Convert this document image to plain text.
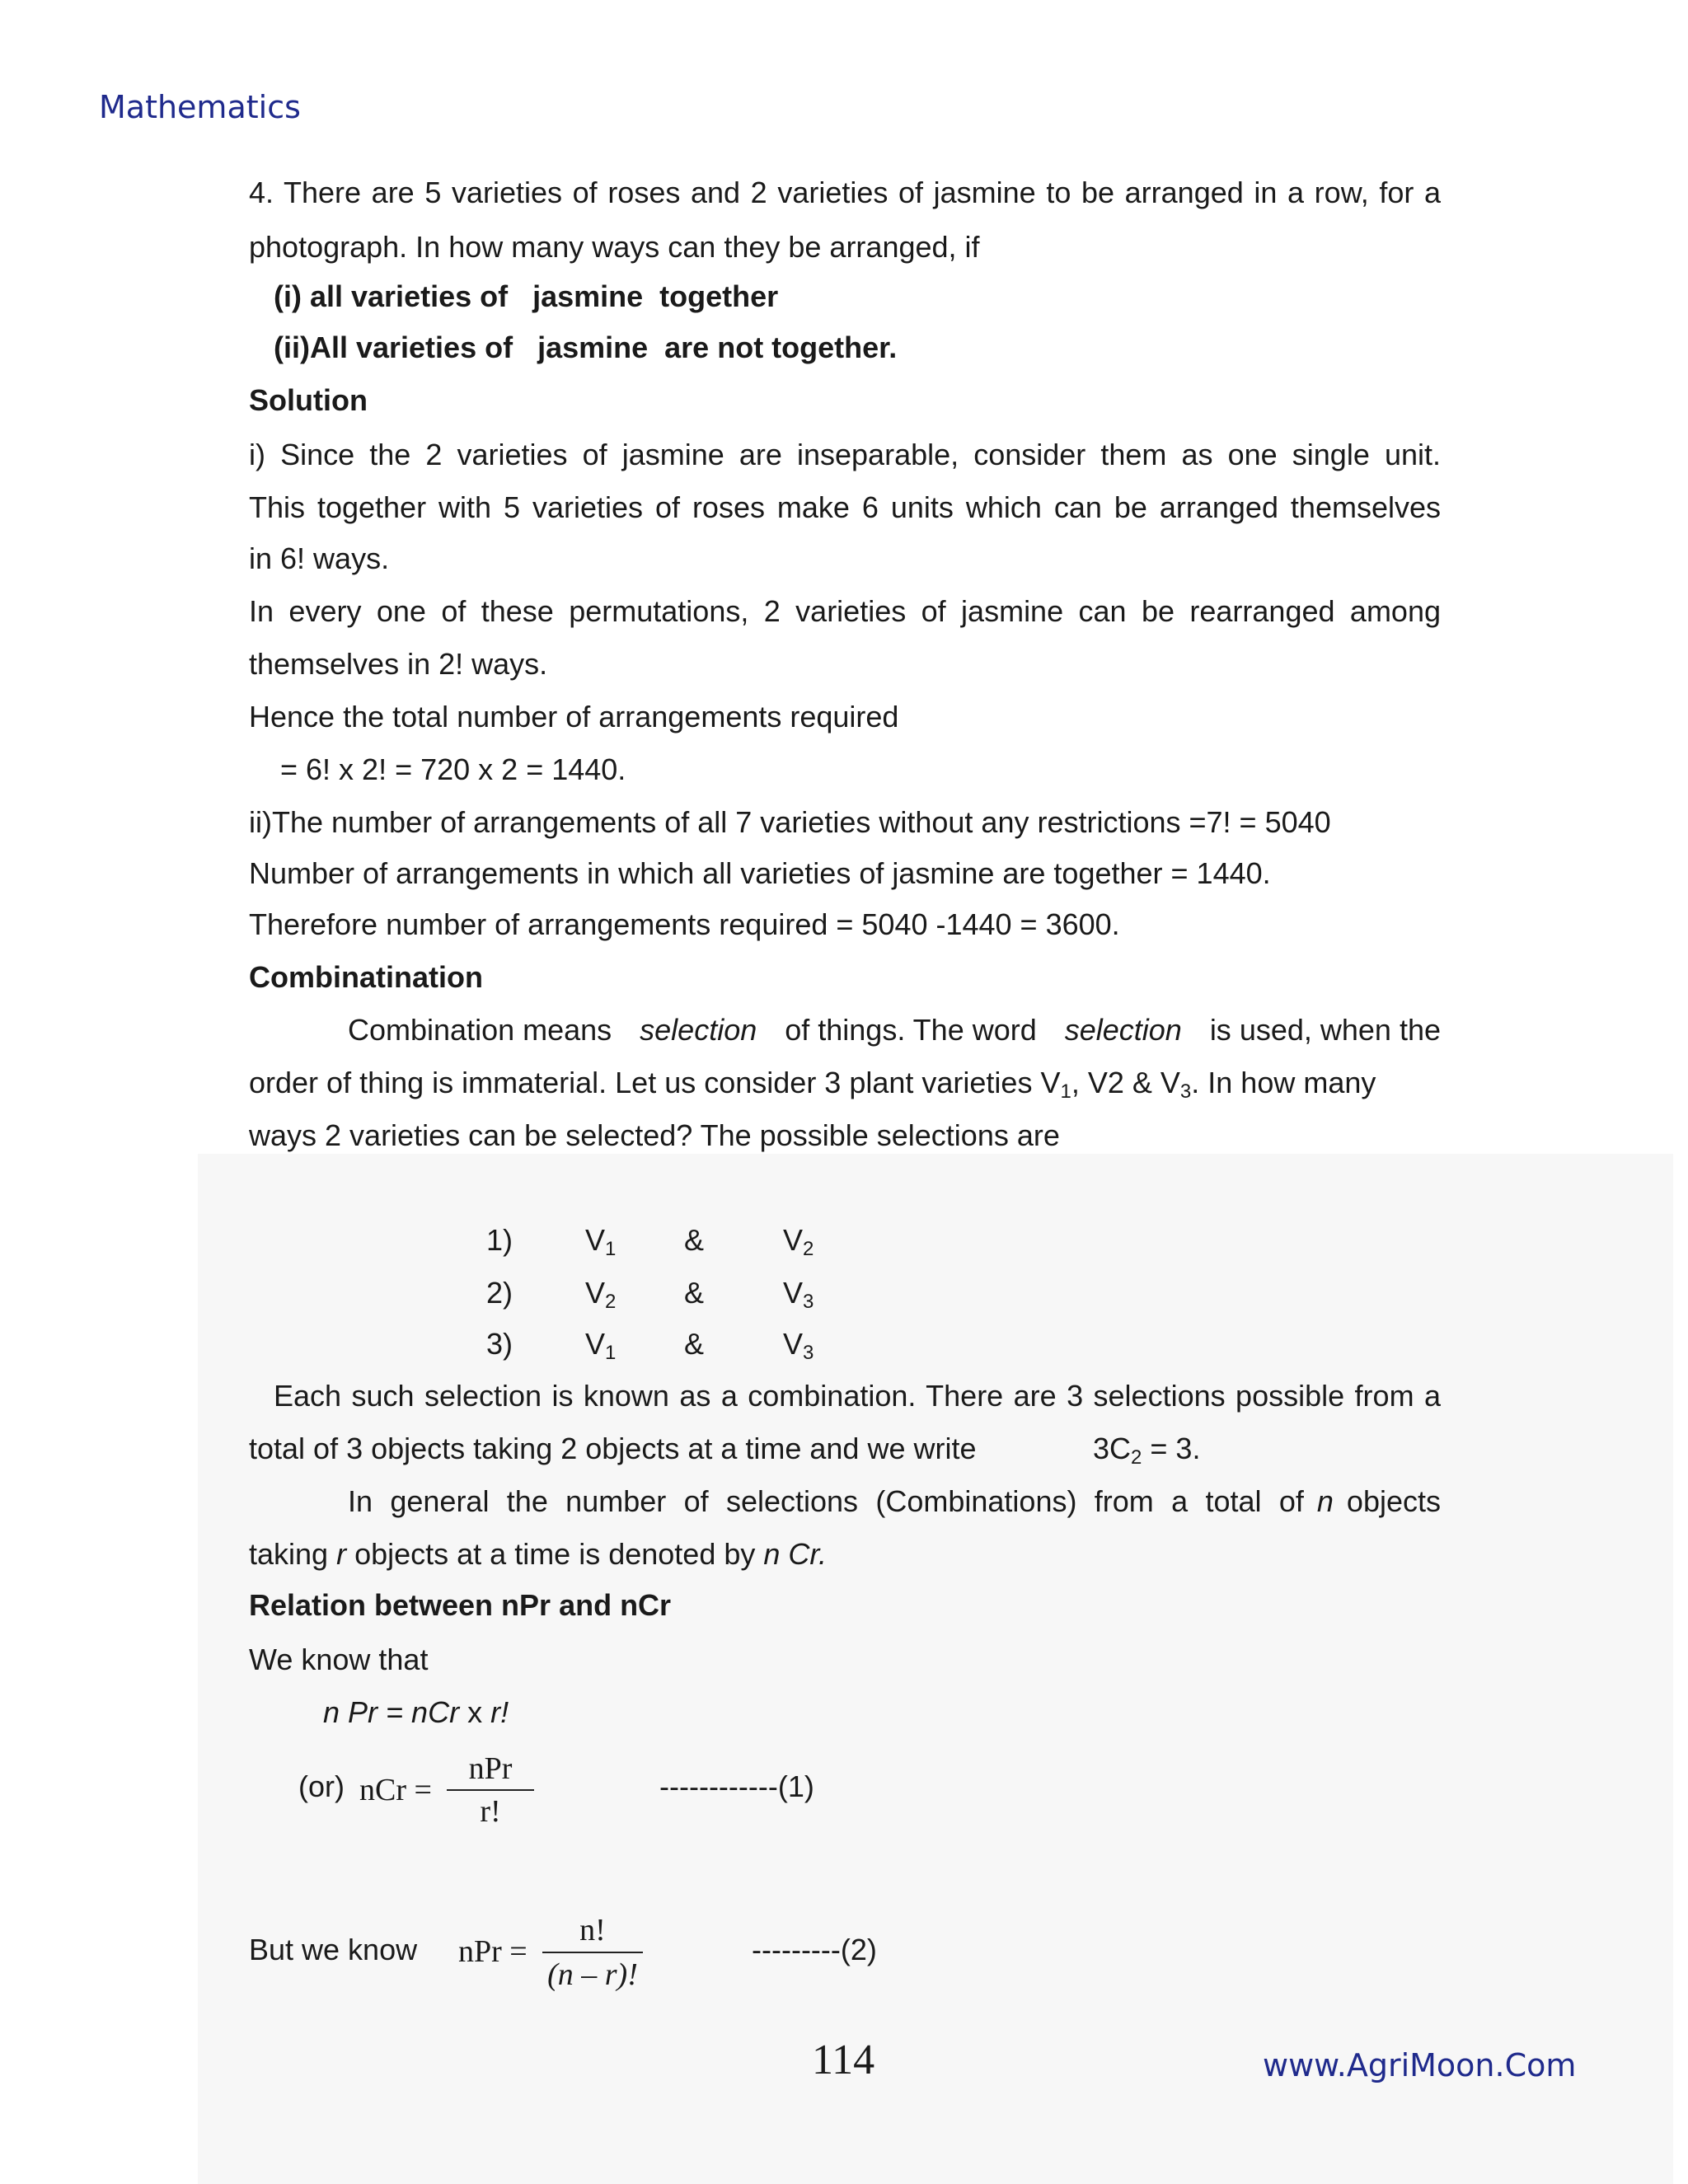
Mathematics
4. There are 5 varieties of roses and 2 varieties of jasmine to be arranged in a row, for a
photograph. In how many ways can they be arranged, if
(i) all varieties of   jasmine  together
(ii)All varieties of   jasmine  are not together.
Solution
i) Since the 2 varieties of jasmine are inseparable, consider them as one single unit.
This together with 5 varieties of roses make 6 units which can be arranged themselves
in 6! ways.
In every one of these permutations, 2 varieties of jasmine can be rearranged among
themselves in 2! ways.
Hence the total number of arrangements required
= 6! x 2! = 720 x 2 = 1440.
ii)The number of arrangements of all 7 varieties without any restrictions =7! = 5040
Number of arrangements in which all varieties of jasmine are together = 1440.
Therefore number of arrangements required = 5040 -1440 = 3600.
Combinatination
Combination means selection of things. The word selection is used, when the
order of thing is immaterial. Let us consider 3 plant varieties $V_1$, V2 & $V_3$. In how many
ways 2 varieties can be selected? The possible selections are
1) $V_1$ &	$V_2$
2) $V_2$ &	$V_3$
3) $V_1$ &	$V_3$
Each such selection is known as a combination. There are 3 selections possible from a
total of 3 objects taking 2 objects at a time and we write	$3C_2 = 3$.
In general the number of selections (Combinations) from a total of n objects
taking r objects at a time is denoted by n Cr.
Relation between nPr and nCr
We know that
n Pr = nCr x r!
(or) nCr =
nPr
r!
------------(1)
But we know nPr =
n!
(n – r)!
---------(2)
114	www.AgriMoon.Com
